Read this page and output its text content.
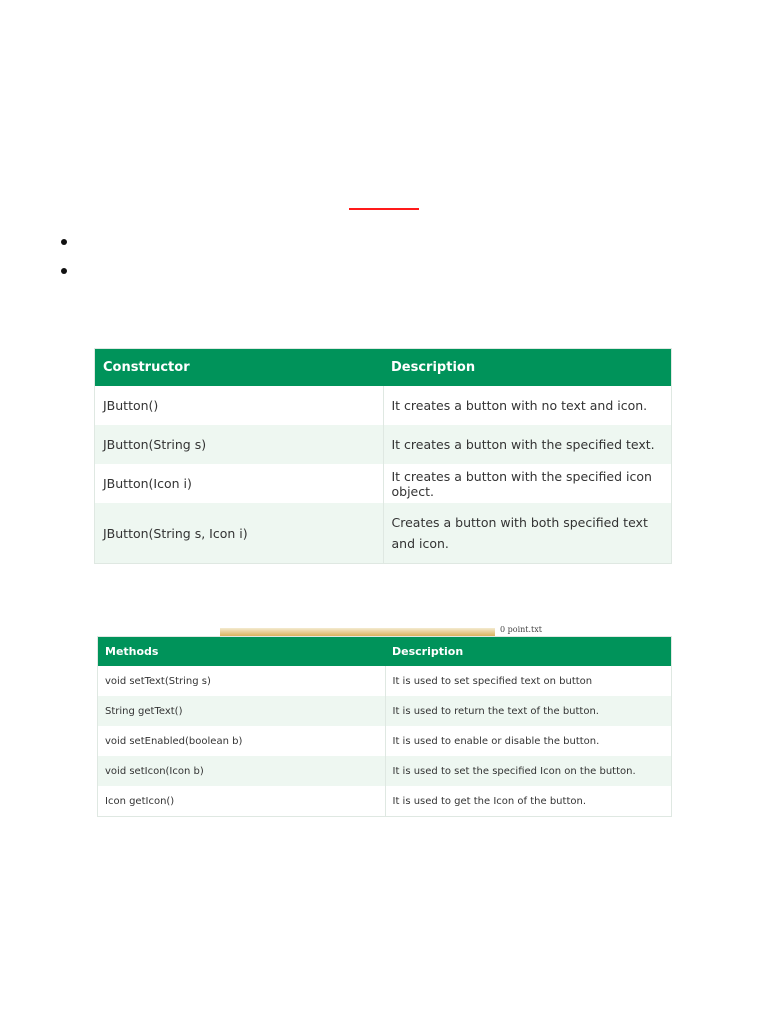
Constructor	Description
JButton()	It creates a button with no text and icon.
JButton(String s)	It creates a button with the specified text.
JButton(Icon i)	It creates a button with the specified icon object.
JButton(String s, Icon i)	Creates a button with both specified text and icon.
0 point.txt
Methods	Description
void setText(String s)	It is used to set specified text on button
String getText()	It is used to return the text of the button.
void setEnabled(boolean b)	It is used to enable or disable the button.
void setIcon(Icon b)	It is used to set the specified Icon on the button.
Icon getIcon()	It is used to get the Icon of the button.
